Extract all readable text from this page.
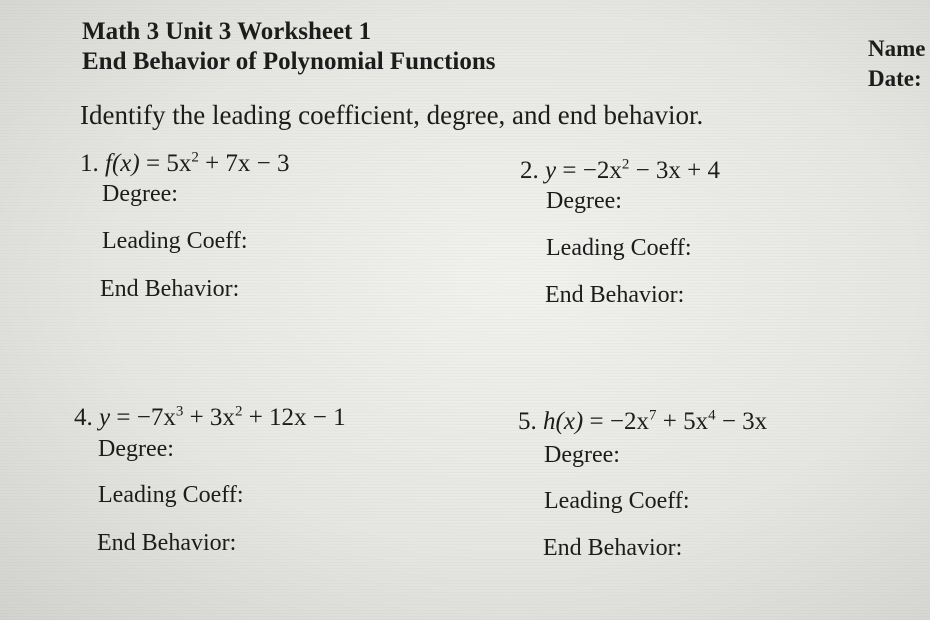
Math 3 Unit 3 Worksheet 1
End Behavior of Polynomial Functions	Name
Date:
Identify the leading coefficient, degree, and end behavior.
1. $f(x) = 5x^2 + 7x - 3$
Degree:
Leading Coeff:
End Behavior:
2. $y = -2x^2 - 3x + 4$
Degree:
Leading Coeff:
End Behavior:
4. $y = -7x^3 + 3x^2 + 12x - 1$
Degree:
Leading Coeff:
End Behavior:
5. $h(x) = -2x^7 + 5x^4 - 3x$
Degree:
Leading Coeff:
End Behavior:
